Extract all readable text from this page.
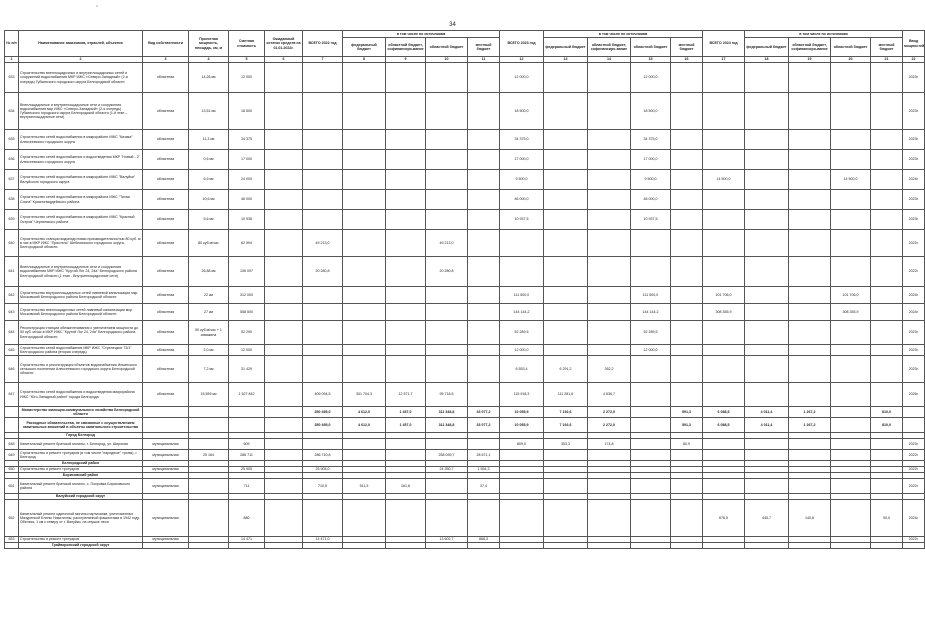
"
34
№ п/п	Наименование заказчиков, отраслей, объектов	Вид собственности	Проектная мощность, площадь, км, м	Сметная стоимость	Ожидаемый остаток средств на 01.01.2022г.	ВСЕГО 2022 год	в том числе по источникам				ВСЕГО 2023 год	в том числе по источникам				ВСЕГО 2024 год	в том числе по источникам				Ввод мощностей
							федеральный бюджет	областной бюджет, софинансиро-вание	областной бюджет	местный бюджет		федеральный бюджет	областной бюджет, софинансиро-вание	областной бюджет	местный бюджет		федеральный бюджет	областной бюджет, софинансиро-вание	областной бюджет	местный бюджет	
1	2	3	4	5	6	7	8	9	10	11	12	13	14	15	16	17	18	19	20	21	22
633	Строительство внеплощадочных и внутриплощадочных сетей и сооружений водоснабжения МКР ИЖС «Северо-Западный» (2-я очередь) Губкинского городского округа Белгородской области	областная	14,26 км	12 000							12 000,0			12 000,0							2023г.
634	Внеплощадочные и внутриплощадочные сети и сооружения водоснабжения мкр ИЖС «Северо-Западный» (2-я очередь) Губкинского городского округа Белгородской области (1-й этап – внутриплощадочные сети)	областная	13,51 км	18 500							18 500,0			18 500,0							2023г.
635	Строительство сетей водоснабжения в микрорайоне ИЖС "Кизяка" Алексеевского городского округа	областная	11,3 км	34 375							34 375,0			34 375,0							2023г.
636	Строительство сетей водоснабжения и водоотведения МКР "Новый - 2" Алексеевского городского округа	областная	0,5 км	17 000							17 000,0			17 000,0							2023г.
637	Строительство сетей водоснабжения в микрорайоне ИЖС "Валуйки" Валуйского городского округа	областная	6,9 км	24 000							9 500,0			9 500,0		14 500,0			14 500,0		2024г.
638	Строительство сетей водоснабжения в микрорайона ИЖС "Тихая Сосна" Красногвардейского района	областная	10,6 км	46 000							46 000,0			46 000,0							2023г.
639	Строительство сетей водоснабжения в микрорайоне ИЖС "Красный Остров" Чернянского района	областная	5,6 км	10 938							10 937,5			10 937,5							2023г.
640	Строительство станции водоподготовки производительностью 80 куб. м в час в МКР ИЖС "Пристень" Шебекинского городского округа, Белгородской области.	областная	80 куб.м/час	62 594		49 213,0			49 213,0												2022г.
641	Внеплощадочные и внутриплощадочные сети и сооружения водоснабжения МКР ИЖС "Крутой Лог 24, 24а" Белгородского района Белгородской области (1 этап - Внутриплощадочные сети)	областная	26,88 км	106 097		20 280,8			20 280,8												2022г.
642	Строительство внутриплощадочных сетей ливневой канализации мкр. Московский Белгородского района Белгородской области	областная	22 км	312 000							111 500,0			111 500,0		101 706,0			101 706,0		2024г.
643	Строительство внеплощадочных сетей ливневой канализации мкр. Московский Белгородского района Белгородской области	областная	27 км	558 500							144 144,2			144 144,2		308 355,9			308 355,9		2024г.
644	Реконструкция станции обезжелезивания с увеличением мощности до 50 куб. м/час в МКР ИЖС "Крутой Лог 24, 24а" Белгородского района Белгородской области	областная	50 куб.м/час + 1 скважина	52 290							52 289,5			52 289,5							2023г.
645	Строительство сетей водоснабжения МКР ИЖС "Стрелецкое 73/1" Белгородского района (вторая очередь)	областная	2,0 км	12 000							12 000,0			12 000,0							2023г.
646	Строительство и реконструкция объектов водоснабжения Ильинского сельского поселения Алексеевского городского округа Белгородской области	областная	7,2 км	31 429							6 553,4	6 291,2	262,2								2023г.
647	Строительство сетей водоснабжения и водоотведения микрорайона ИЖС "Юго-Западный район" города Белгорода	областная	15,559 км	1 527 842		409 094,5	301 704,3	12 571,7	95 718,5		115 918,3	111 281,6	4 636,7								2026г.
	Министерство жилищно-коммунального хозяйства Белгородской области					350 495,0	4 612,0	1 457,0	311 348,8	33 077,2	10 055,9	7 192,6	2 272,0		591,3	6 088,5	4 011,4	1 267,2		810,0	
	Расходные обязательства, не связанные с осуществлением капитальных вложений в объекты капитального строительства					350 495,0	4 612,0	1 457,0	311 348,8	33 077,2	10 055,9	7 192,6	2 272,0		591,3	6 088,5	4 011,4	1 267,2		810,0	
	Город Белгород																				
648	Капитальный ремонт братской могилы, г. Белгород, ул. Широкая	муниципальная		609							809,0	353,3	174,8		80,9						2023г.
649	Строительство и ремонт тротуаров (в том числе "народные" тропы), г. Белгород	муниципальная	25 164	286 711		286 710,8			258 039,7	28 671,1											2022г.
	Белгородский район																				
650	Строительство и ремонт тротуаров	муниципальная		25 905		25 905,0			24 350,7	1 554,3											2022г.
	Борисовский район																				
651	Капитальный ремонт братской могилы, с. Покровка Борисовского района	муниципальная		711		710,5	511,5	161,6		37,4											2022г.
	Валуйский городской округ																				
652	Капитальный ремонт одиночной могилы партизанки, уничтоженных Мазуренкой Елены Никитичны, расстрелянной фашистами в 1942 году. Обелиск, 1 км к северу от г. Валуйки, на опушке леса	муниципальная		880												676,5	445,7	140,8		90,0	2024г.
653	Строительство и ремонт тротуаров	муниципальная		14 471		14 471,0			13 602,7	868,3											2022г.
	Грайворонский городской округ																				
